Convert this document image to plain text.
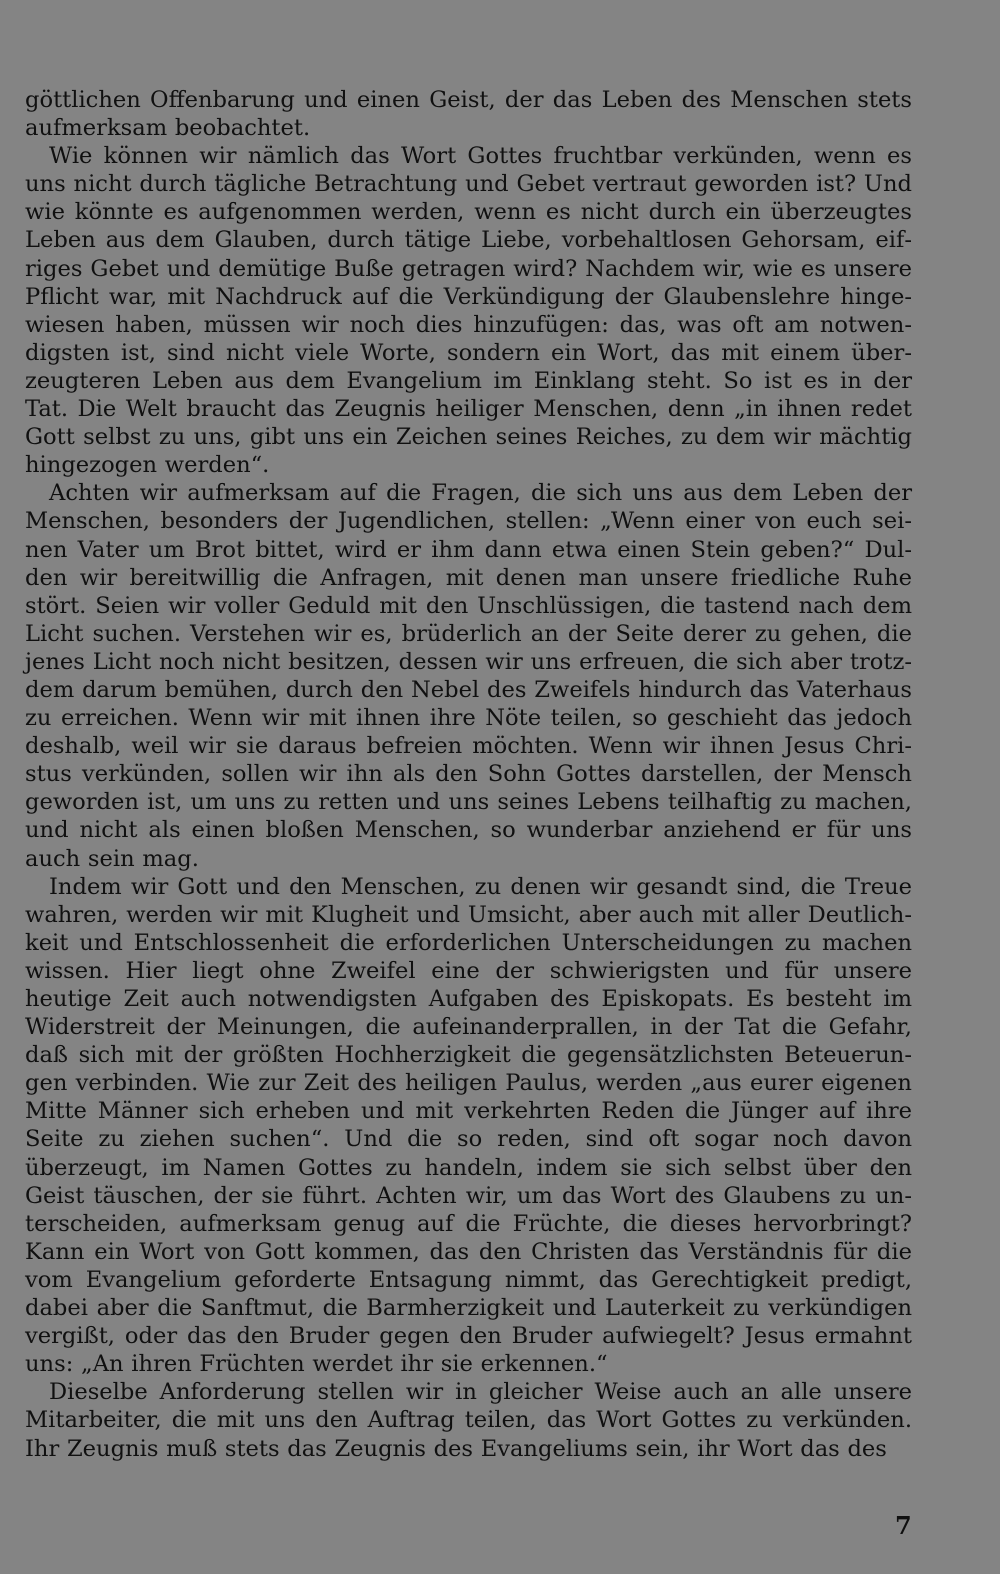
göttlichen Offenbarung und einen Geist, der das Leben des Menschen stets aufmerksam beobachtet.

Wie können wir nämlich das Wort Gottes fruchtbar verkünden, wenn es uns nicht durch tägliche Betrachtung und Gebet vertraut geworden ist? Und wie könnte es aufgenommen werden, wenn es nicht durch ein überzeugtes Leben aus dem Glauben, durch tätige Liebe, vorbehaltlosen Gehorsam, eifriges Gebet und demütige Buße getragen wird? Nachdem wir, wie es unsere Pflicht war, mit Nachdruck auf die Verkündigung der Glaubenslehre hingewiesen haben, müssen wir noch dies hinzufügen: das, was oft am notwendigsten ist, sind nicht viele Worte, sondern ein Wort, das mit einem überzeugteren Leben aus dem Evangelium im Einklang steht. So ist es in der Tat. Die Welt braucht das Zeugnis heiliger Menschen, denn „in ihnen redet Gott selbst zu uns, gibt uns ein Zeichen seines Reiches, zu dem wir mächtig hingezogen werden“.

Achten wir aufmerksam auf die Fragen, die sich uns aus dem Leben der Menschen, besonders der Jugendlichen, stellen: „Wenn einer von euch seinen Vater um Brot bittet, wird er ihm dann etwa einen Stein geben?“ Dulden wir bereitwillig die Anfragen, mit denen man unsere friedliche Ruhe stört. Seien wir voller Geduld mit den Unschlüssigen, die tastend nach dem Licht suchen. Verstehen wir es, brüderlich an der Seite derer zu gehen, die jenes Licht noch nicht besitzen, dessen wir uns erfreuen, die sich aber trotzdem darum bemühen, durch den Nebel des Zweifels hindurch das Vaterhaus zu erreichen. Wenn wir mit ihnen ihre Nöte teilen, so geschieht das jedoch deshalb, weil wir sie daraus befreien möchten. Wenn wir ihnen Jesus Christus verkünden, sollen wir ihn als den Sohn Gottes darstellen, der Mensch geworden ist, um uns zu retten und uns seines Lebens teilhaftig zu machen, und nicht als einen bloßen Menschen, so wunderbar anziehend er für uns auch sein mag.

Indem wir Gott und den Menschen, zu denen wir gesandt sind, die Treue wahren, werden wir mit Klugheit und Umsicht, aber auch mit aller Deutlichkeit und Entschlossenheit die erforderlichen Unterscheidungen zu machen wissen. Hier liegt ohne Zweifel eine der schwierigsten und für unsere heutige Zeit auch notwendigsten Aufgaben des Episkopats. Es besteht im Widerstreit der Meinungen, die aufeinanderprallen, in der Tat die Gefahr, daß sich mit der größten Hochherzigkeit die gegensätzlichsten Beteuerungen verbinden. Wie zur Zeit des heiligen Paulus, werden „aus eurer eigenen Mitte Männer sich erheben und mit verkehrten Reden die Jünger auf ihre Seite zu ziehen suchen“. Und die so reden, sind oft sogar noch davon überzeugt, im Namen Gottes zu handeln, indem sie sich selbst über den Geist täuschen, der sie führt. Achten wir, um das Wort des Glaubens zu unterscheiden, aufmerksam genug auf die Früchte, die dieses hervorbringt? Kann ein Wort von Gott kommen, das den Christen das Verständnis für die vom Evangelium geforderte Entsagung nimmt, das Gerechtigkeit predigt, dabei aber die Sanftmut, die Barmherzigkeit und Lauterkeit zu verkündigen vergißt, oder das den Bruder gegen den Bruder aufwiegelt? Jesus ermahnt uns: „An ihren Früchten werdet ihr sie erkennen.“

Dieselbe Anforderung stellen wir in gleicher Weise auch an alle unsere Mitarbeiter, die mit uns den Auftrag teilen, das Wort Gottes zu verkünden. Ihr Zeugnis muß stets das Zeugnis des Evangeliums sein, ihr Wort das des

7
